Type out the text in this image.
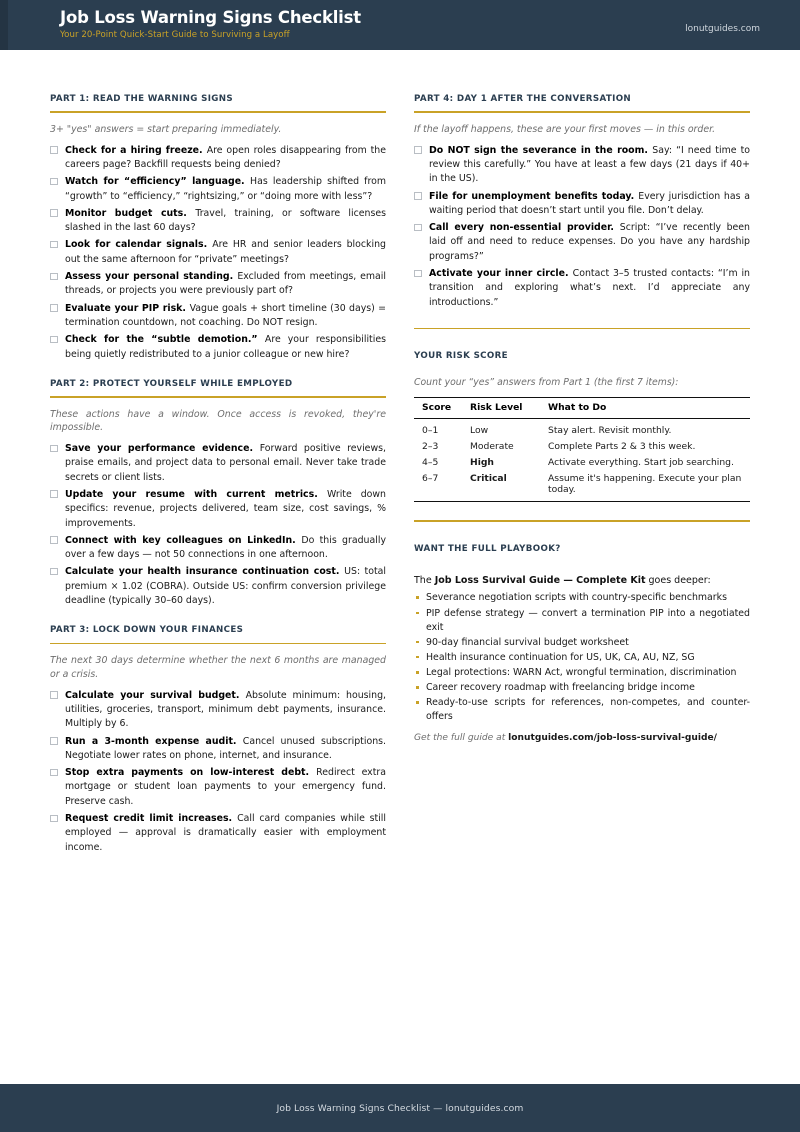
Job Loss Warning Signs Checklist
Your 20-Point Quick-Start Guide to Surviving a Layoff
lonutguides.com
PART 1: READ THE WARNING SIGNS
3+ "yes" answers = start preparing immediately.
Check for a hiring freeze. Are open roles disappearing from the careers page? Backfill requests being denied?
Watch for “efficiency” language. Has leadership shifted from “growth” to “efficiency,” “rightsizing,” or “doing more with less”?
Monitor budget cuts. Travel, training, or software licenses slashed in the last 60 days?
Look for calendar signals. Are HR and senior leaders blocking out the same afternoon for “private” meetings?
Assess your personal standing. Excluded from meetings, email threads, or projects you were previously part of?
Evaluate your PIP risk. Vague goals + short timeline (30 days) = termination countdown, not coaching. Do NOT resign.
Check for the “subtle demotion.” Are your responsibilities being quietly redistributed to a junior colleague or new hire?
PART 2: PROTECT YOURSELF WHILE EMPLOYED
These actions have a window. Once access is revoked, they're impossible.
Save your performance evidence. Forward positive reviews, praise emails, and project data to personal email. Never take trade secrets or client lists.
Update your resume with current metrics. Write down specifics: revenue, projects delivered, team size, cost savings, % improvements.
Connect with key colleagues on LinkedIn. Do this gradually over a few days — not 50 connections in one afternoon.
Calculate your health insurance continuation cost. US: total premium × 1.02 (COBRA). Outside US: confirm conversion privilege deadline (typically 30–60 days).
PART 3: LOCK DOWN YOUR FINANCES
The next 30 days determine whether the next 6 months are managed or a crisis.
Calculate your survival budget. Absolute minimum: housing, utilities, groceries, transport, minimum debt payments, insurance. Multiply by 6.
Run a 3-month expense audit. Cancel unused subscriptions. Negotiate lower rates on phone, internet, and insurance.
Stop extra payments on low-interest debt. Redirect extra mortgage or student loan payments to your emergency fund. Preserve cash.
Request credit limit increases. Call card companies while still employed — approval is dramatically easier with employment income.
PART 4: DAY 1 AFTER THE CONVERSATION
If the layoff happens, these are your first moves — in this order.
Do NOT sign the severance in the room. Say: “I need time to review this carefully.” You have at least a few days (21 days if 40+ in the US).
File for unemployment benefits today. Every jurisdiction has a waiting period that doesn’t start until you file. Don’t delay.
Call every non-essential provider. Script: “I’ve recently been laid off and need to reduce expenses. Do you have any hardship programs?”
Activate your inner circle. Contact 3–5 trusted contacts: “I’m in transition and exploring what’s next. I’d appreciate any introductions.”
YOUR RISK SCORE
Count your “yes” answers from Part 1 (the first 7 items):
Score	Risk Level	What to Do
0–1	Low	Stay alert. Revisit monthly.
2–3	Moderate	Complete Parts 2 & 3 this week.
4–5	High	Activate everything. Start job searching.
6–7	Critical	Assume it's happening. Execute your plan today.
WANT THE FULL PLAYBOOK?
The Job Loss Survival Guide — Complete Kit goes deeper:
Severance negotiation scripts with country-specific benchmarks
PIP defense strategy — convert a termination PIP into a negotiated exit
90-day financial survival budget worksheet
Health insurance continuation for US, UK, CA, AU, NZ, SG
Legal protections: WARN Act, wrongful termination, discrimination
Career recovery roadmap with freelancing bridge income
Ready-to-use scripts for references, non-competes, and counter-offers
Get the full guide at lonutguides.com/job-loss-survival-guide/
Job Loss Warning Signs Checklist — lonutguides.com
